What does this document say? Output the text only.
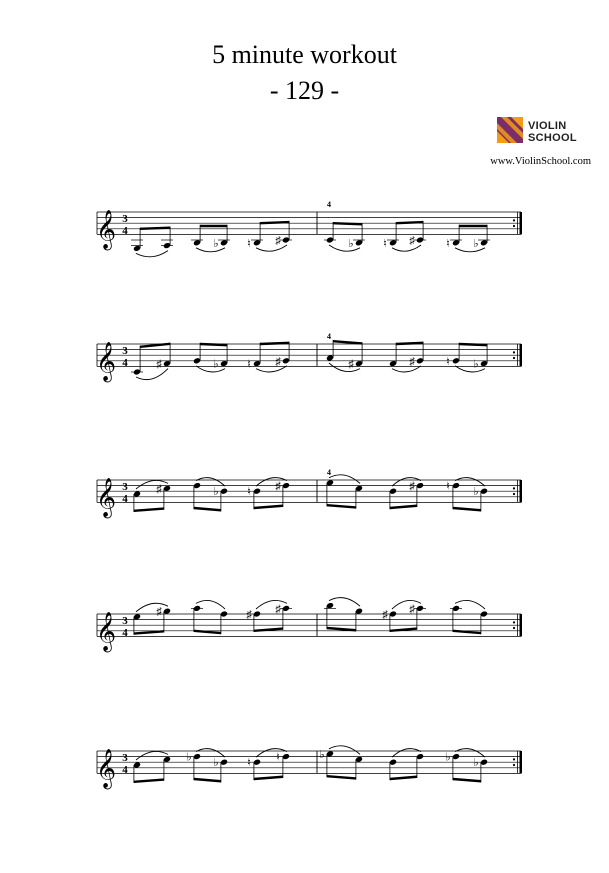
5 minute workout
- 129 -
VIOLIN
SCHOOL
www.ViolinSchool.com
𝄞 3
4
4
♭	♮ ♯	♭	♮ ♯	♮ ♭
𝄞 3
4
4
♯	♭	♮ ♯	♯	♯	♮ ♭
𝄞 3
4
4
♯	♭	♮ ♯	♯	♮ ♭
𝄞 3
4
♯	♯ ♯	♯ ♯
𝄞 3
4
♭ ♭	♮ ♮	♭	♭ ♭
